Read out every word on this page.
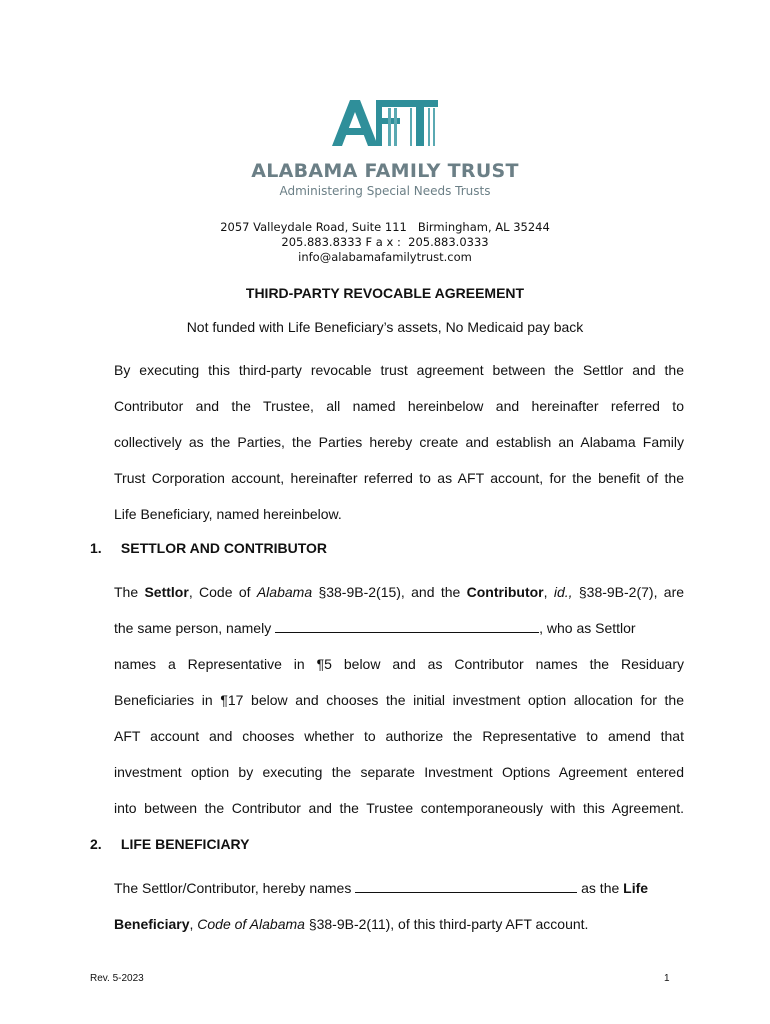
ALABAMA FAMILY TRUST
Administering Special Needs Trusts
2057 Valleydale Road, Suite 111   Birmingham, AL 35244
205.883.8333 F a x :  205.883.0333
info@alabamafamilytrust.com
THIRD-PARTY REVOCABLE AGREEMENT
Not funded with Life Beneficiary’s assets, No Medicaid pay back
By executing this third-party revocable trust agreement between the Settlor and the
Contributor and the Trustee, all named hereinbelow and hereinafter referred to
collectively as the Parties, the Parties hereby create and establish an Alabama Family
Trust Corporation account, hereinafter referred to as AFT account, for the benefit of the
Life Beneficiary, named hereinbelow.
1. SETTLOR AND CONTRIBUTOR
The Settlor, Code of Alabama §38-9B-2(15), and the Contributor, id., §38-9B-2(7), are
the same person, namely	, who as Settlor
names a Representative in ¶5 below and as Contributor names the Residuary
Beneficiaries in ¶17 below and chooses the initial investment option allocation for the
AFT account and chooses whether to authorize the Representative to amend that
investment option by executing the separate Investment Options Agreement entered
into between the Contributor and the Trustee contemporaneously with this Agreement.
2. LIFE BENEFICIARY
The Settlor/Contributor, hereby names	as the Life
Beneficiary, Code of Alabama §38-9B-2(11), of this third-party AFT account.
Rev. 5-2023	1
